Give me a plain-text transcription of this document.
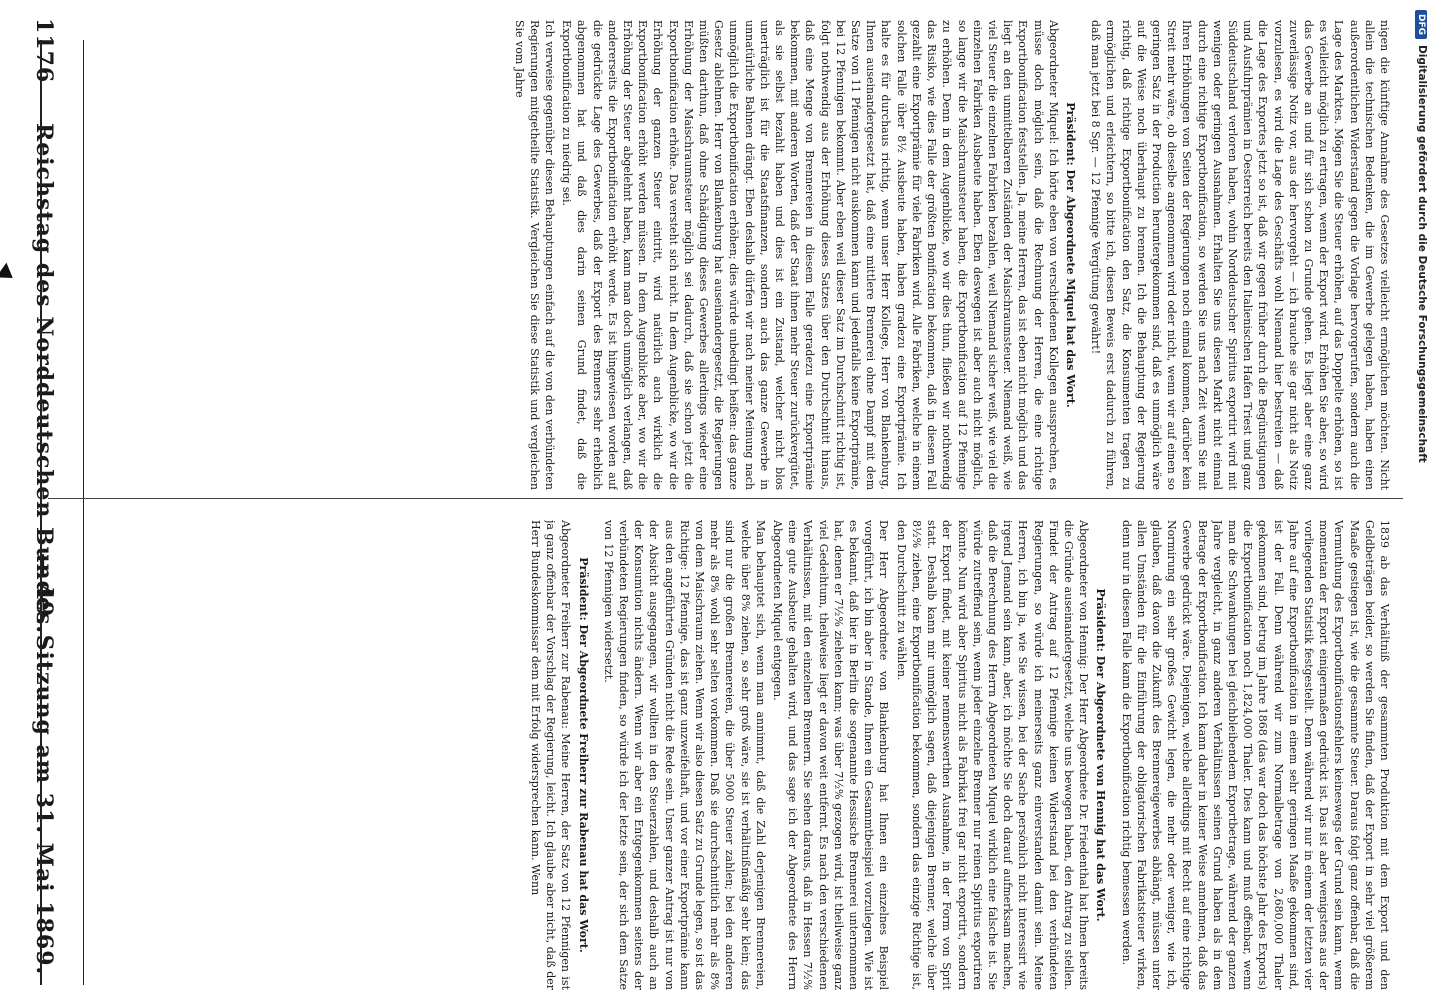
1176
Reichstag des Norddeutschen Bundes.
— 49. Sitzung am 31. Mai 1869.

nigen die künftige Annahme des Gesetzes vielleicht ermöglichen möchten. Nicht allein die technischen Bedenken, die im Gewerbe gelegen haben, haben einen außerordentlichen Widerstand gegen die Vorlage hervorgerufen, sondern auch die Lage des Marktes. Mögen Sie die Steuer erhöhen, auf das Doppelte erhöhen, so ist es vielleicht möglich zu ertragen, wenn der Export wird. Erhöhen Sie aber, so wird das Gewerbe an und für sich schon zu Grunde gehen. Es liegt aber eine ganz zuverlässige Notiz vor, aus der hervorgeht — ich brauche sie gar nicht als Notiz vorzulesen, es wird die Lage des Geschäfts wohl Niemand hier bestreiten — daß die Lage des Exportes jetzt so ist, daß wir gegen früher durch die Begünstigungen und Ausfuhrprämien in Oesterreich bereits den Italienischen Hafen Triest und ganz Süddeutschland verloren haben, wohin Norddeutscher Spiritus exportirt wird mit wenigen oder geringen Ausnahmen. Erhalten Sie uns diesen Markt nicht einmal durch eine richtige Exportbonification, so werden Sie uns nach Zeit wenn Sie mit Ihren Erhöhungen von Seiten der Regierungen noch einmal kommen, darüber kein Streit mehr wäre, ob dieselbe angenommen wird oder nicht, wenn wir auf einen so geringen Satz in der Production heruntergekommen sind, daß es unmöglich wäre auf die Weise noch überhaupt zu brennen. Ich die Behauptung der Regierung richtig, daß richtige Exportbonification den Satz, die Konsumenten tragen zu ermöglichen und erleichtern, so bitte ich, diesen Beweis erst dadurch zu führen, daß man jetzt bei 8 Sgr. — 12 Pfennige Vergütung gewährt!

Präsident: Der Abgeordnete Miquel hat das Wort.

Abgeordneter Miquel: Ich hörte eben von verschiedenen Kollegen aussprechen, es müsse doch möglich sein, daß die Rechnung der Herren, die eine richtige Exportbonification feststellen. Ja, meine Herren, das ist eben nicht möglich und das liegt an den unmittelbaren Zuständen der Maischraumsteuer. Niemand weiß, wie viel Steuer die einzelnen Fabriken bezahlen, weil Niemand sicher weiß, wie viel die einzelnen Fabriken Ausbeute haben. Eben deswegen ist aber auch nicht möglich, so lange wir die Maischraumsteuer haben, die Exportbonification auf 12 Pfennige zu erhöhen. Denn in dem Augenblicke, wo wir dies thun, fließen wir nothwendig das Risiko, wie dies Falle der größten Bonification bekommen, daß in diesem Fall gezahlt eine Exportprämie für viele Fabriken wird. Alle Fabriken, welche in einem solchen Falle über 8½ Ausbeute haben, haben gradezu eine Exportprämie. Ich halte es für durchaus richtig, wenn unser Herr Kollege, Herr von Blankenburg, Ihnen auseinandergesetzt hat, daß eine mittlere Brennerei ohne Dampf mit dem Satze von 11 Pfennigen nicht auskommen kann und jedenfalls keine Exportprämie, bei 12 Pfennigen bekommt. Aber eben weil dieser Satz im Durchschnitt richtig ist, folgt nothwendig aus der Erhöhung dieses Satzes über den Durchschnitt hinaus, daß eine Menge von Brennereien in diesem Falle geradezu eine Exportprämie bekommen, mit anderen Worten, daß der Staat ihnen mehr Steuer zurückvergütet, als sie selbst bezahlt haben und dies ist ein Zustand, welcher nicht blos unerträglich ist für die Staatsfinanzen, sondern auch das ganze Gewerbe in unnatürliche Bahnen drängt. Eben deshalb dürfen wir nach meiner Meinung nach unmöglich die Exportbonification erhöhen; dies würde unbedingt heißen: das ganze Gesetz ablehnen. Herr von Blankenburg hat auseinandergesetzt, die Regierungen müßten darthun, daß ohne Schädigung dieses Gewerbes allerdings wieder eine Erhöhung der Maischraumsteuer möglich sei dadurch, daß sie schon jetzt die Exportbonification erhöhe. Das versteht sich nicht. In dem Augenblicke, wo wir die Erhöhung der ganzen Steuer eintritt, wird natürlich auch wirklich die Exportbonification erhöht werden müssen. In dem Augenblicke aber, wo wir die Erhöhung der Steuer abgelehnt haben, kann man doch unmöglich verlangen, daß andererseits die Exportbonification erhöht werde. Es ist hingewiesen worden auf die gedrückte Lage des Gewerbes, daß der Export des Brenners sehr erheblich abgenommen hat und daß dies darin seinen Grund findet, daß die Exportbonification zu niedrig sei.

Ich verweise gegenüber diesen Behauptungen einfach auf die von den verbündeten Regierungen mitgetheilte Statistik. Vergleichen Sie diese Statistik und vergleichen Sie vom Jahre

1839 ab das Verhältniß der gesammten Produktion mit dem Export und den Geldbeträgen beider, so werden Sie finden, daß der Export in sehr viel größerem Maaße gestiegen ist, wie die gesammte Steuer. Daraus folgt ganz offenbar, daß die Vermuthung des Exportbonificationsfehlers keineswegs der Grund sein kann, wenn momentan der Export einigermaßen gedrückt ist. Das ist aber wenigstens aus der vorliegenden Statistik festgestellt. Denn während wir nur in einem der letzten vier Jahre auf eine Exportbonification in einem sehr geringen Maaße gekommen sind, ist der Fall. Denn während wir zum Normalbetrage von 2,680,000 Thaler gekommen sind, betrug im Jahre 1868 (das war doch das höchste Jahr des Exports) die Exportbonification noch 1,824,000 Thaler. Dies kann und muß offenbar, wenn man die Schwankungen bei gleichbleibendem Exportbetrage, während der ganzen Jahre vergleicht, in ganz anderen Verhältnissen seinen Grund haben als in dem Betrage der Exportbonification. Ich kann daher in keiner Weise annehmen, daß das Gewerbe gedrückt wäre. Diejenigen, welche allerdings mit Recht auf eine richtige Normirung ein sehr großes Gewicht legen, die mehr oder weniger, wie ich, glauben, daß davon die Zukunft des Brennereigewerbes abhängt, müssen unter allen Umständen für die Einführung der obligatorischen Fabrikatsteuer wirken, denn nur in diesem Falle kann die Exportbonification richtig bemessen werden.

Präsident: Der Abgeordnete von Hennig hat das Wort.

Abgeordneter von Hennig: Der Herr Abgeordnete Dr. Friedenthal hat Ihnen bereits die Gründe auseinandergesetzt, welche uns bewogen haben, den Antrag zu stellen. Findet der Antrag auf 12 Pfennige keinen Widerstand bei den verbündeten Regierungen, so würde ich meinerseits ganz einverstanden damit sein. Meine Herren, ich bin ja, wie Sie wissen, bei der Sache persönlich nicht interessirt wie irgend Jemand sein kann, aber, ich möchte Sie doch darauf aufmerksam machen, daß die Berechnung des Herrn Abgeordneten Miquel wirklich eine falsche ist. Sie würde zutreffend sein, wenn jeder einzelne Brenner nur reinen Spiritus exportiren könnte. Nun wird aber Spiritus nicht als Fabrikat frei gar nicht exportirt, sondern der Export findet, mit keiner nennenswerthen Ausnahme, in der Form von Sprit statt. Deshalb kann mir unmöglich sagen, daß diejenigen Brenner, welche über 8½% ziehen, eine Exportbonification bekommen, sondern das einzige Richtige ist, den Durchschnitt zu wählen.

Der Herr Abgeordnete von Blankenburg hat Ihnen ein einzelnes Beispiel vorgeführt, ich bin aber in Stande, Ihnen ein Gesammtbeispiel vorzulegen. Wie ist es bekannt, daß hier in Berlin die sogenannte Hessische Brennerei unternommen hat, denen er 7½% zieheten kann; was über 7½% gezogen wird, ist theilweise ganz viel Gedeihtum, theilweise liegt er davon weit entfernt. Es nach den verschiedenen Verhältnissen, mit den einzelnen Brennern. Sie sehen daraus, daß in Hessen 7½% eine gute Ausbeute gehalten wird, und das sage ich der Abgeordnete des Herrn Abgeordneten Miquel entgegen.

Man behauptet sich, wenn man annimmt, daß die Zahl derjenigen Brennereien, welche über 8% ziehen, so sehr groß wäre, sie ist verhältnißmäßig sehr klein; das sind nur die großen Brennereien, die über 5000 Steuer zahlen; bei den anderen mehr als 8% wohl sehr selten vorkommen. Daß sie durchschnittlich mehr als 8% von dem Maischraum ziehen. Wenn wir also diesen Satz zu Grunde legen, so ist das Richtige: 12 Pfennige, das ist ganz unzweifelhaft, und vor einer Exportprämie kann aus den angeführten Gründen nicht die Rede sein. Unser ganzer Antrag ist nur von der Absicht ausgegangen, wir wollten in den Steuerzahlen, und deshalb auch an der Konsumtion nichts ändern. Wenn wir aber ein Entgegenkommen seitens der verbündeten Regierungen finden, so würde ich der letzte sein, der sich dem Satze von 12 Pfennigen widersetzt.

Präsident: Der Abgeordnete Freiherr zur Rabenau hat das Wort.

Abgeordneter Freiherr zur Rabenau: Meine Herren, der Satz von 12 Pfennigen ist ja ganz offenbar der Vorschlag der Regierung, leicht. Ich glaube aber nicht, daß der Herr Bundeskommissar dem mit Erfolg widersprechen kann. Wenn

DFGDigitalisierung gefördert durch die Deutsche Forschungsgemeinschaft
